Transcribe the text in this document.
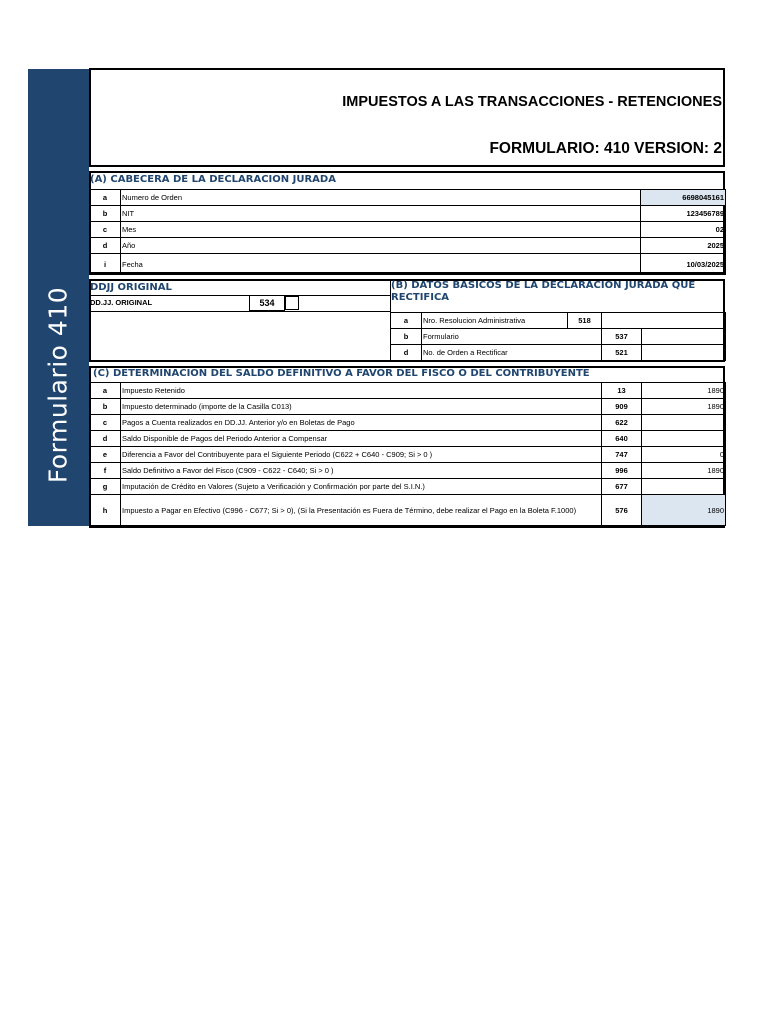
Formulario 410
IMPUESTOS A LAS TRANSACCIONES - RETENCIONES
FORMULARIO: 410 VERSION: 2
(A) CABECERA DE LA DECLARACION JURADA
a	Numero de Orden	6698045161
b	NIT	123456789
c	Mes	02
d	Año	2025
i	Fecha	10/03/2025
DDJJ ORIGINAL
DD.JJ. ORIGINAL	534
(B) DATOS BASICOS DE LA DECLARACION JURADA QUE
RECTIFICA
a	Nro. Resolucion Administrativa	518		
b	Formulario		537	
d	No. de Orden a Rectificar		521	
(C) DETERMINACION DEL SALDO DEFINITIVO A FAVOR DEL FISCO O DEL CONTRIBUYENTE
a	Impuesto Retenido	13	1890
b	Impuesto determinado (importe de la Casilla C013)	909	1890
c	Pagos a Cuenta realizados en DD.JJ. Anterior y/o en Boletas de Pago	622	
d	Saldo Disponible de Pagos del Periodo Anterior a Compensar	640	
e	Diferencia a Favor del Contribuyente para el Siguiente Periodo (C622 + C640 - C909; Si > 0 )	747	0
f	Saldo Definitivo a Favor del Fisco (C909 - C622 - C640; Si > 0 )	996	1890
g	Imputación de Crédito en Valores (Sujeto a Verificación y Confirmación por parte del S.I.N.)	677	
h	Impuesto a Pagar en Efectivo (C996 - C677; Si > 0), (Si la Presentación es Fuera de Término, debe realizar el Pago en la Boleta F.1000)	576	1890
